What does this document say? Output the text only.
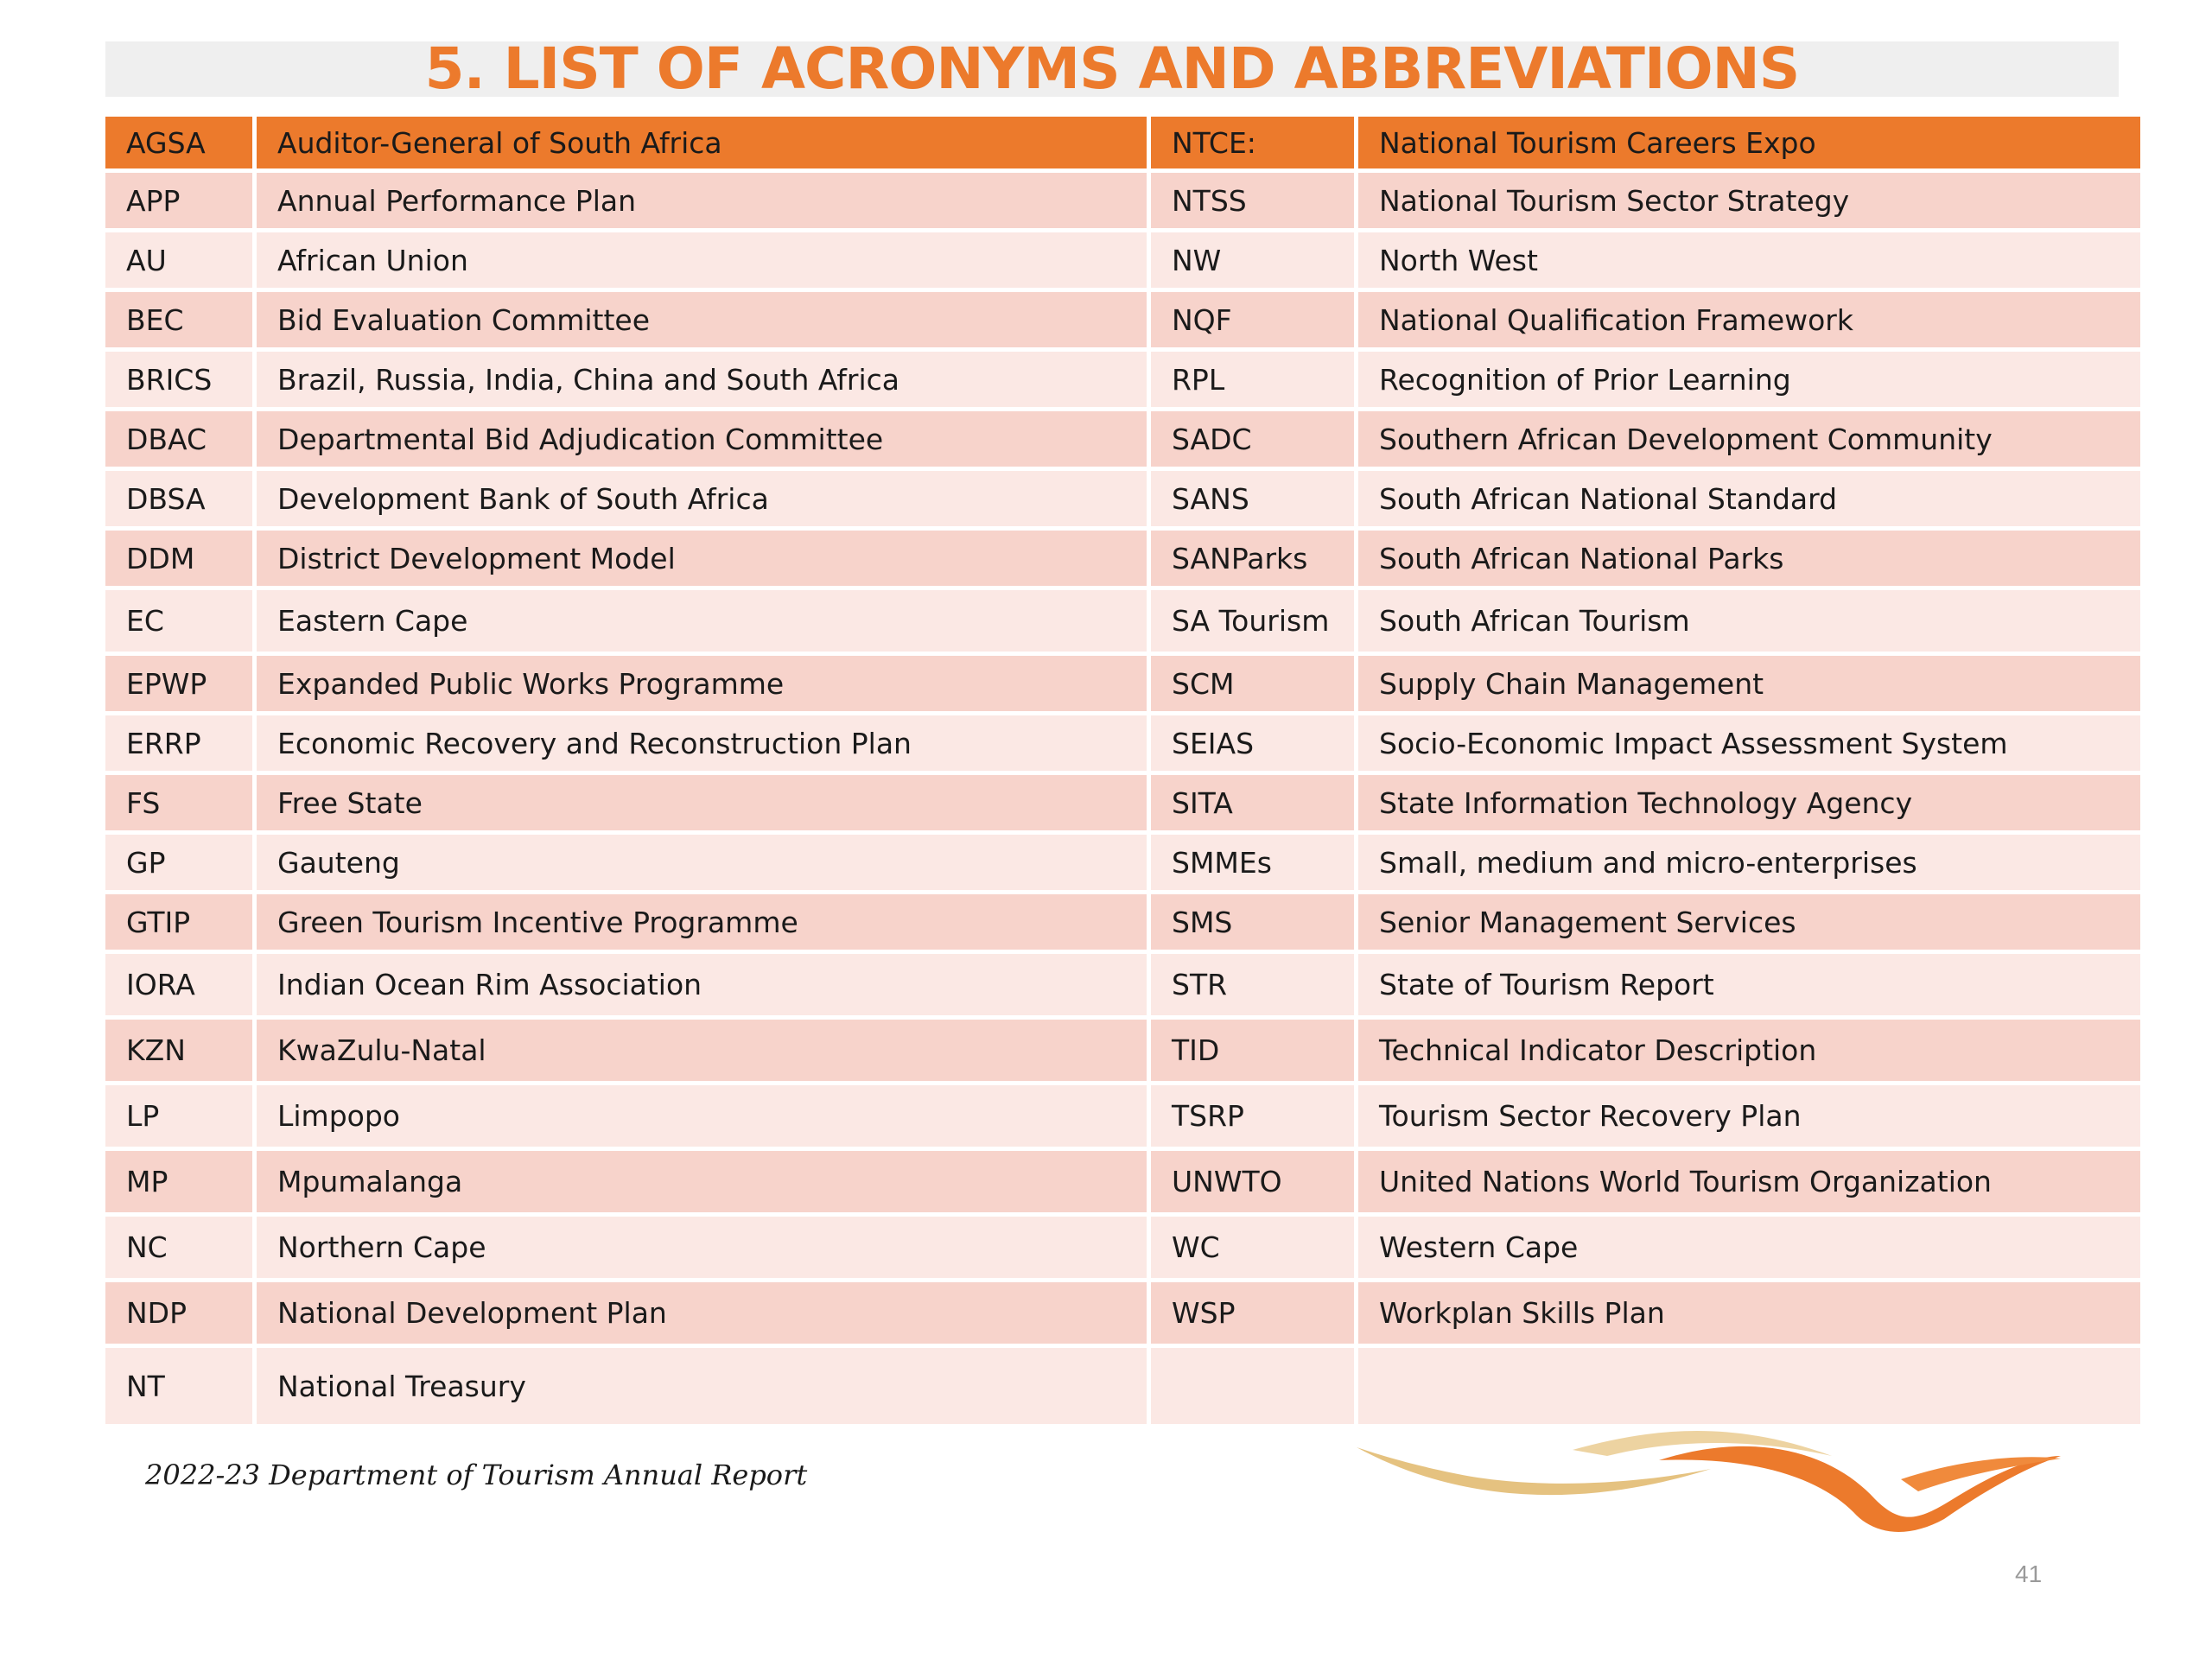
5. LIST OF ACRONYMS AND ABBREVIATIONS
AGSA	Auditor-General of South Africa	NTCE:	National Tourism Careers Expo
APP	Annual Performance Plan	NTSS	National Tourism Sector Strategy
AU	African Union	NW	North West
BEC	Bid Evaluation Committee	NQF	National Qualification Framework
BRICS	Brazil, Russia, India, China and South Africa	RPL	Recognition of Prior Learning
DBAC	Departmental Bid Adjudication Committee	SADC	Southern African Development Community
DBSA	Development Bank of South Africa	SANS	South African National Standard
DDM	District Development Model	SANParks	South African National Parks
EC	Eastern Cape	SA Tourism	South African Tourism
EPWP	Expanded Public Works Programme	SCM	Supply Chain Management
ERRP	Economic Recovery and Reconstruction Plan	SEIAS	Socio-Economic Impact Assessment System
FS	Free State	SITA	State Information Technology Agency
GP	Gauteng	SMMEs	Small, medium and micro-enterprises
GTIP	Green Tourism Incentive Programme	SMS	Senior Management Services
IORA	Indian Ocean Rim Association	STR	State of Tourism Report
KZN	KwaZulu-Natal	TID	Technical Indicator Description
LP	Limpopo	TSRP	Tourism Sector Recovery Plan
MP	Mpumalanga	UNWTO	United Nations World Tourism Organization
NC	Northern Cape	WC	Western Cape
NDP	National Development Plan	WSP	Workplan Skills Plan
NT	National Treasury		
2022-23 Department of Tourism Annual Report
41
